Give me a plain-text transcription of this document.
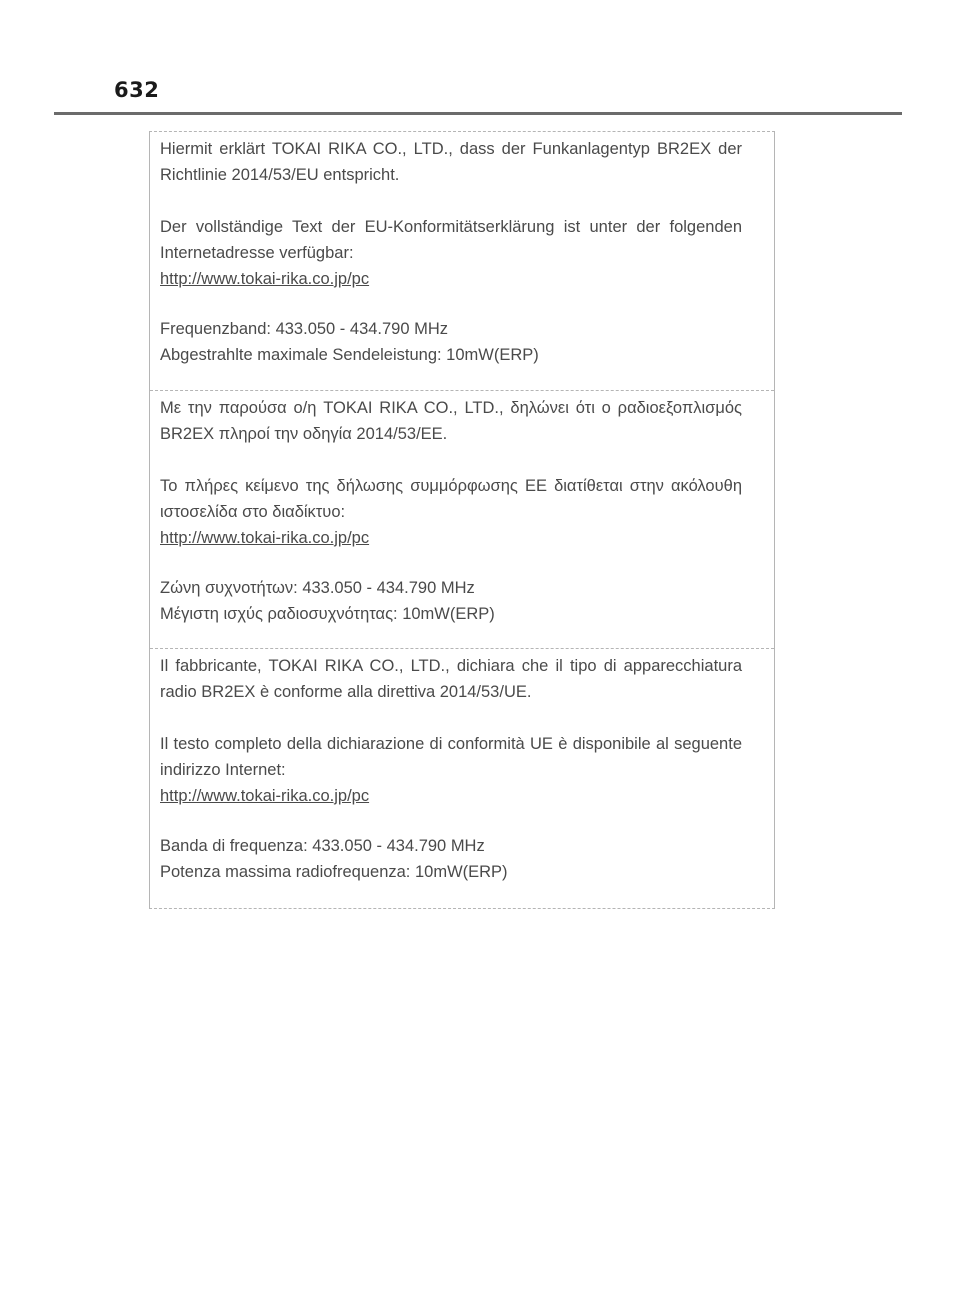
632

Hiermit erklärt TOKAI RIKA CO., LTD., dass der Funkanlagentyp BR2EX der Richtlinie 2014/53/EU entspricht.

Der vollständige Text der EU-Konformitätserklärung ist unter der folgenden Internetadresse verfügbar:
http://www.tokai-rika.co.jp/pc
Frequenzband: 433.050 - 434.790 MHz
Abgestrahlte maximale Sendeleistung: 10mW(ERP)

Με την παρούσα ο/η TOKAI RIKA CO., LTD., δηλώνει ότι ο ραδιοεξοπλισμός BR2EX πληροί την οδηγία 2014/53/ΕΕ.

Το πλήρες κείμενο της δήλωσης συμμόρφωσης ΕΕ διατίθεται στην ακόλουθη ιστοσελίδα στο διαδίκτυο:
http://www.tokai-rika.co.jp/pc
Ζώνη συχνοτήτων: 433.050 - 434.790 MHz
Μέγιστη ισχύς ραδιοσυχνότητας: 10mW(ERP)

Il fabbricante, TOKAI RIKA CO., LTD., dichiara che il tipo di apparecchiatura radio BR2EX è conforme alla direttiva 2014/53/UE.

Il testo completo della dichiarazione di conformità UE è disponibile al seguente indirizzo Internet:
http://www.tokai-rika.co.jp/pc
Banda di frequenza: 433.050 - 434.790 MHz
Potenza massima radiofrequenza: 10mW(ERP)
